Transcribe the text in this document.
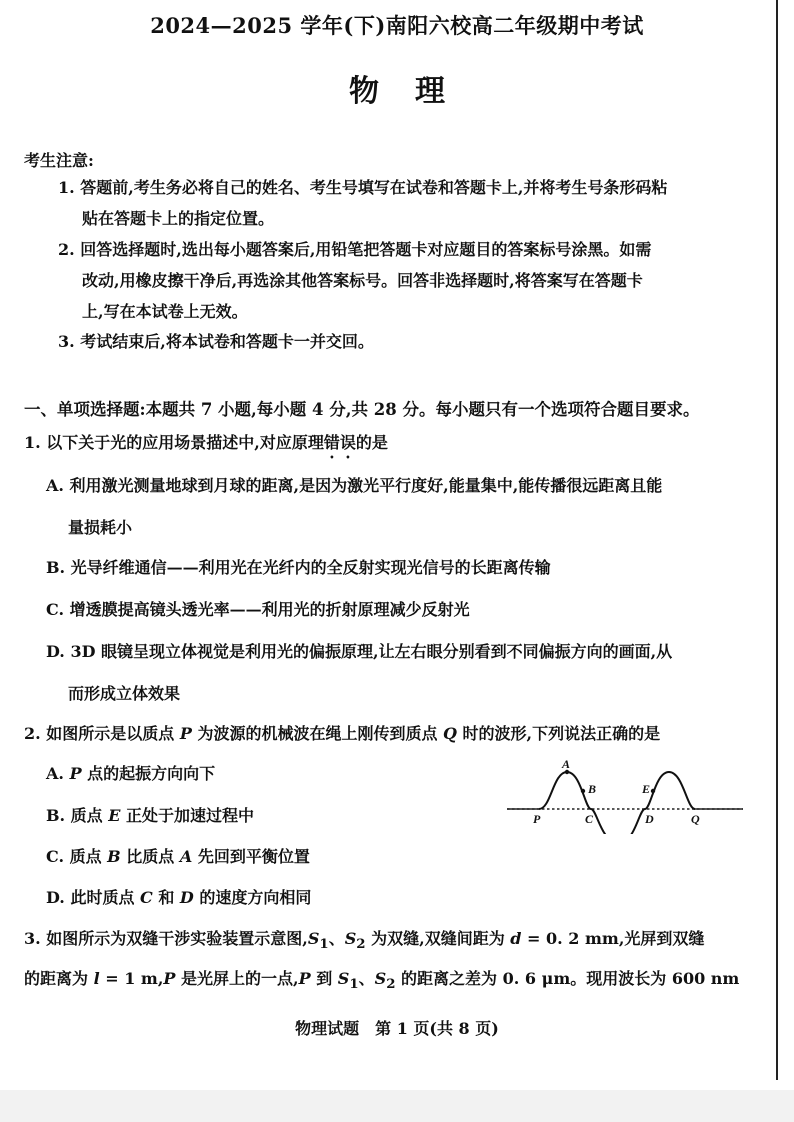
2024—2025 学年(下)南阳六校高二年级期中考试
物理
考生注意:
1. 答题前,考生务必将自己的姓名、考生号填写在试卷和答题卡上,并将考生号条形码粘
贴在答题卡上的指定位置。
2. 回答选择题时,选出每小题答案后,用铅笔把答题卡对应题目的答案标号涂黑。如需
改动,用橡皮擦干净后,再选涂其他答案标号。回答非选择题时,将答案写在答题卡
上,写在本试卷上无效。
3. 考试结束后,将本试卷和答题卡一并交回。
一、单项选择题:本题共 7 小题,每小题 4 分,共 28 分。每小题只有一个选项符合题目要求。
1. 以下关于光的应用场景描述中,对应原理错误的是
A. 利用激光测量地球到月球的距离,是因为激光平行度好,能量集中,能传播很远距离且能
量损耗小
B. 光导纤维通信——利用光在光纤内的全反射实现光信号的长距离传输
C. 增透膜提高镜头透光率——利用光的折射原理减少反射光
D. 3D 眼镜呈现立体视觉是利用光的偏振原理,让左右眼分别看到不同偏振方向的画面,从
而形成立体效果
2. 如图所示是以质点 P 为波源的机械波在绳上刚传到质点 Q 时的波形,下列说法正确的是
A. P 点的起振方向向下
B. 质点 E 正处于加速过程中
C. 质点 B 比质点 A 先回到平衡位置
D. 此时质点 C 和 D 的速度方向相同
A
B	E
P	C	D	Q
3. 如图所示为双缝干涉实验装置示意图$,S_1$、$S_2$ 为双缝,双缝间距为 d = 0. 2 mm,光屏到双缝
的距离为 l = 1 m,P 是光屏上的一点,P 到 $S_1$、$S_2$ 的距离之差为 0. 6 μm。现用波长为 600 nm
物理试题　第 1 页(共 8 页)
